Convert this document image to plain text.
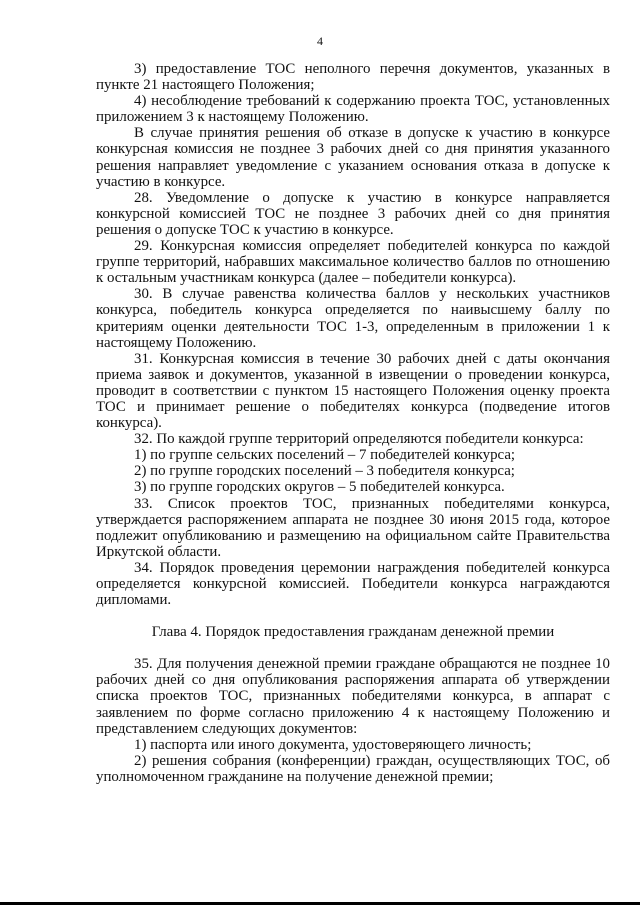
4

3) предоставление ТОС неполного перечня документов, указанных в пункте 21 настоящего Положения;

4) несоблюдение требований к содержанию проекта ТОС, установленных приложением 3 к настоящему Положению.

В случае принятия решения об отказе в допуске к участию в конкурсе конкурсная комиссия не позднее 3 рабочих дней со дня принятия указанного решения направляет уведомление с указанием основания отказа в допуске к участию в конкурсе.

28. Уведомление о допуске к участию в конкурсе направляется конкурсной комиссией ТОС не позднее 3 рабочих дней со дня принятия решения о допуске ТОС к участию в конкурсе.

29. Конкурсная комиссия определяет победителей конкурса по каждой группе территорий, набравших максимальное количество баллов по отношению к остальным участникам конкурса (далее – победители конкурса).

30. В случае равенства количества баллов у нескольких участников конкурса, победитель конкурса определяется по наивысшему баллу по критериям оценки деятельности ТОС 1-3, определенным в приложении 1 к настоящему Положению.

31. Конкурсная комиссия в течение 30 рабочих дней с даты окончания приема заявок и документов, указанной в извещении о проведении конкурса, проводит в соответствии с пунктом 15 настоящего Положения оценку проекта ТОС и принимает решение о победителях конкурса (подведение итогов конкурса).

32. По каждой группе территорий определяются победители конкурса:

1) по группе сельских поселений – 7 победителей конкурса;

2) по группе городских поселений – 3 победителя конкурса;

3) по группе городских округов – 5 победителей конкурса.

33. Список проектов ТОС, признанных победителями конкурса, утверждается распоряжением аппарата не позднее 30 июня 2015 года, которое подлежит опубликованию и размещению на официальном сайте Правительства Иркутской области.

34. Порядок проведения церемонии награждения победителей конкурса определяется конкурсной комиссией. Победители конкурса награждаются дипломами.

Глава 4. Порядок предоставления гражданам денежной премии

35. Для получения денежной премии граждане обращаются не позднее 10 рабочих дней со дня опубликования распоряжения аппарата об утверждении списка проектов ТОС, признанных победителями конкурса, в аппарат с заявлением по форме согласно приложению 4 к настоящему Положению и представлением следующих документов:

1) паспорта или иного документа, удостоверяющего личность;

2) решения собрания (конференции) граждан, осуществляющих ТОС, об уполномоченном гражданине на получение денежной премии;
